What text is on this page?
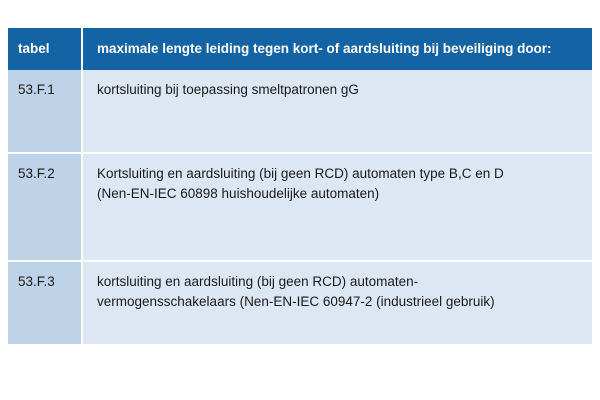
tabel	maximale lengte leiding tegen kort- of aardsluiting bij beveiliging door:
53.F.1	kortsluiting bij toepassing smeltpatronen gG

53.F.2	Kortsluiting en aardsluiting (bij geen RCD) automaten type B,C en D
(Nen-EN-IEC 60898 huishoudelijke automaten)

53.F.3	kortsluiting en aardsluiting (bij geen RCD) automaten-
vermogensschakelaars (Nen-EN-IEC 60947-2 (industrieel gebruik)
